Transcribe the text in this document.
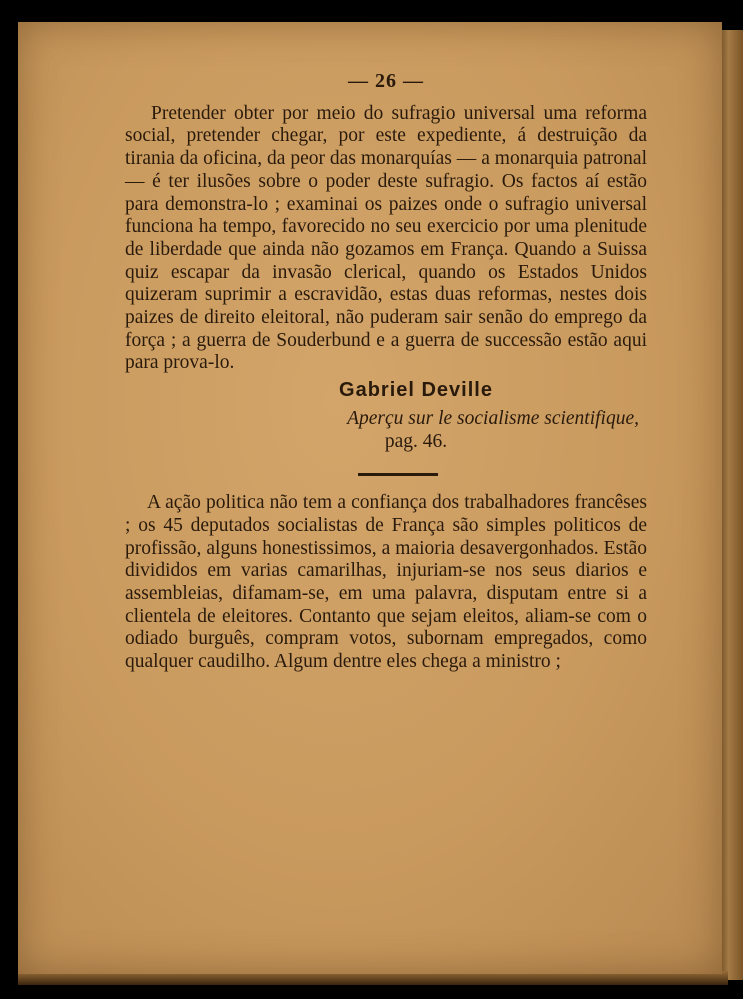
— 26 —

Pretender obter por meio do sufragio universal uma reforma social, pretender chegar, por este expediente, á destruição da tirania da oficina, da peor das monarquías — a monarquia patronal — é ter ilusões sobre o poder deste sufragio. Os factos aí estão para demonstra-lo ; examinai os paizes onde o sufragio universal funciona ha tempo, favorecido no seu exercicio por uma plenitude de liberdade que ainda não gozamos em França. Quando a Suissa quiz escapar da invasão clerical, quando os Estados Unidos quizeram suprimir a escravidão, estas duas reformas, nestes dois paizes de direito eleitoral, não puderam sair senão do emprego da força ; a guerra de Souderbund e a guerra de successão estão aqui para prova-lo.

Gabriel Deville
Aperçu sur le socialisme scientifique,
pag. 46.

A ação politica não tem a confiança dos trabalhadores francêses ; os 45 deputados socialistas de França são simples politicos de profissão, alguns honestissimos, a maioria desavergonhados. Estão divididos em varias camarilhas, injuriam-se nos seus diarios e assembleias, difamam-se, em uma palavra, disputam entre si a clientela de eleitores. Contanto que sejam eleitos, aliam-se com o odiado burguês, compram votos, subornam empregados, como qualquer caudilho. Algum dentre eles chega a ministro ;
